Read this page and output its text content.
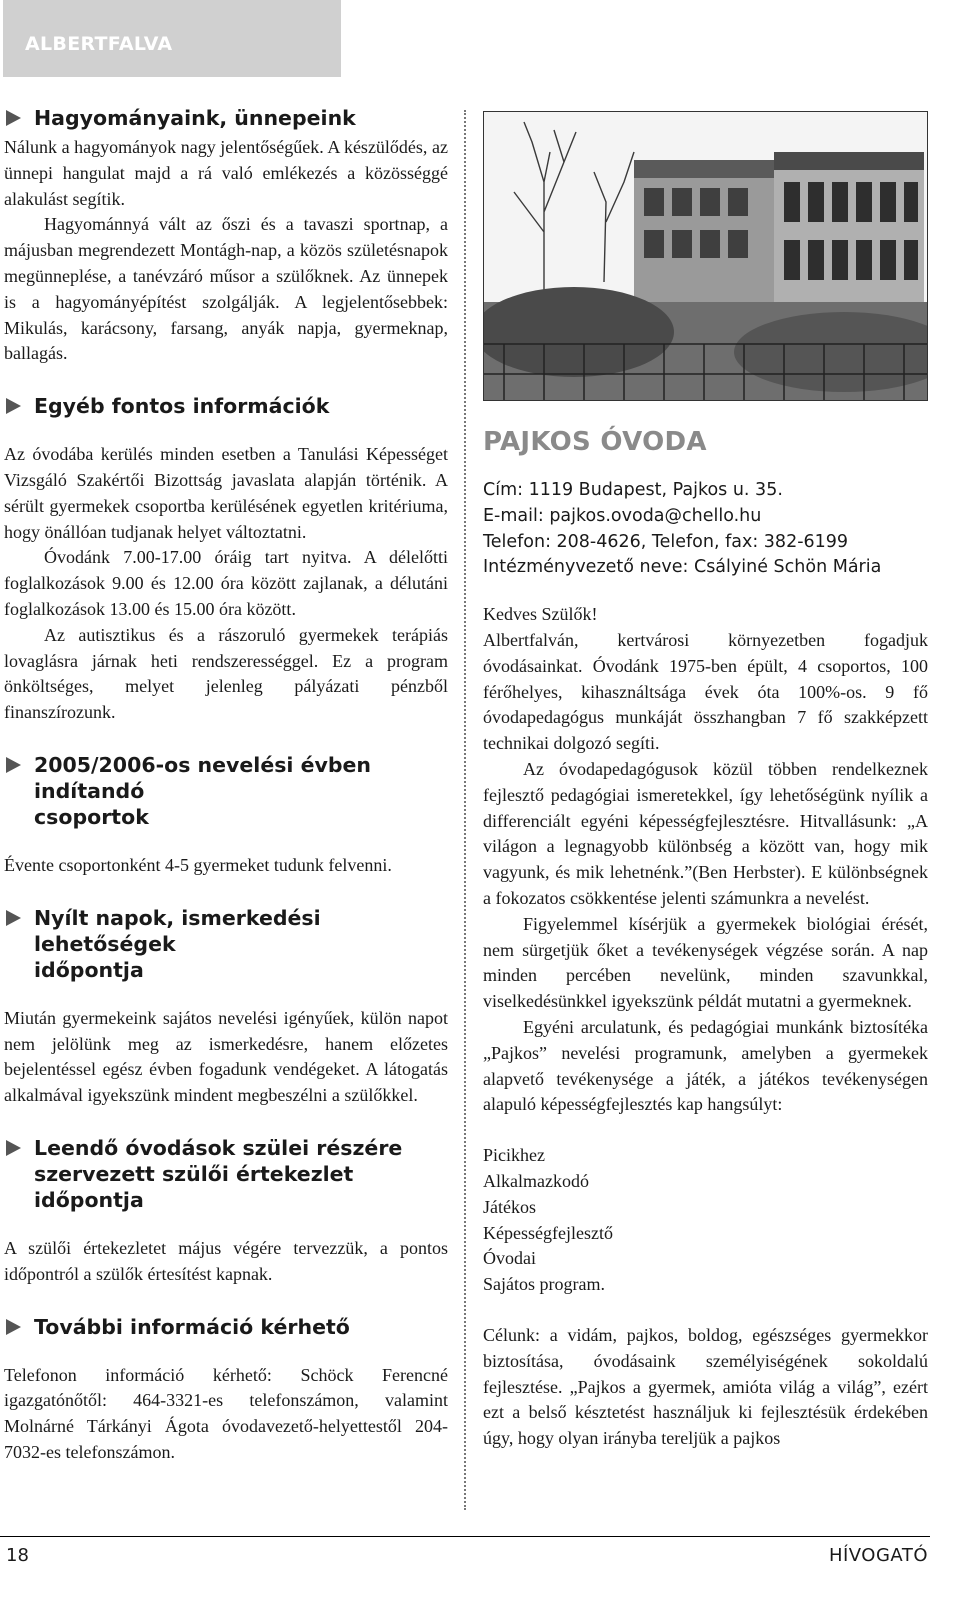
ALBERTFALVA
Hagyományaink, ünnepeink

Nálunk a hagyományok nagy jelentőségűek. A készülődés, az ünnepi hangulat majd a rá való emlékezés a közösséggé alakulást segítik.

Hagyománnyá vált az őszi és a tavaszi sportnap, a májusban megrendezett Montágh-nap, a közös születésnapok megünneplése, a tanévzáró műsor a szülőknek. Az ünnepek is a hagyományépítést szolgálják. A legjelentősebbek: Mikulás, karácsony, farsang, anyák napja, gyermeknap, ballagás.

Egyéb fontos információk

Az óvodába kerülés minden esetben a Tanulási Képességet Vizsgáló Szakértői Bizottság javaslata alapján történik. A sérült gyermekek csoportba kerülésének egyetlen kritériuma, hogy önállóan tudjanak helyet változtatni.

Óvodánk 7.00-17.00 óráig tart nyitva. A délelőtti foglalkozások 9.00 és 12.00 óra között zajlanak, a délutáni foglalkozások 13.00 és 15.00 óra között.

Az autisztikus és a rászoruló gyermekek terápiás lovaglásra járnak heti rendszerességgel. Ez a program önköltséges, melyet jelenleg pályázati pénzből finanszírozunk.

2005/2006-os nevelési évben indítandó
csoportok

Évente csoportonként 4-5 gyermeket tudunk felvenni.

Nyílt napok, ismerkedési lehetőségek
időpontja

Miután gyermekeink sajátos nevelési igényűek, külön napot nem jelölünk meg az ismerkedésre, hanem előzetes bejelentéssel egész évben fogadunk vendégeket. A látogatás alkalmával igyekszünk mindent megbeszélni a szülőkkel.

Leendő óvodások szülei részére
szervezett szülői értekezlet időpontja

A szülői értekezletet május végére tervezzük, a pontos időpontról a szülők értesítést kapnak.

További információ kérhető

Telefonon információ kérhető: Schöck Ferencné igazgatónőtől: 464-3321-es telefonszámon, valamint Molnárné Tárkányi Ágota óvodavezető-helyettestől 204-7032-es telefonszámon.

PAJKOS ÓVODA
Cím: 1119 Budapest, Pajkos u. 35.
E-mail: pajkos.ovoda@chello.hu
Telefon: 208-4626, Telefon, fax: 382-6199
Intézményvezető neve: Csályiné Schön Mária

Kedves Szülők!

Albertfalván, kertvárosi környezetben fogadjuk óvodásainkat. Óvodánk 1975-ben épült, 4 csoportos, 100 férőhelyes, kihasználtsága évek óta 100%-os. 9 fő óvodapedagógus munkáját összhangban 7 fő szakképzett technikai dolgozó segíti.

Az óvodapedagógusok közül többen rendelkeznek fejlesztő pedagógiai ismeretekkel, így lehetőségünk nyílik a differenciált egyéni képességfejlesztésre. Hitvallásunk: „A világon a legnagyobb különbség a között van, hogy mik vagyunk, és mik lehetnénk.”(Ben Herbster). E különbségnek a fokozatos csökkentése jelenti számunkra a nevelést.

Figyelemmel kísérjük a gyermekek biológiai érését, nem sürgetjük őket a tevékenységek végzése során. A nap minden percében nevelünk, minden szavunkkal, viselkedésünkkel igyekszünk példát mutatni a gyermeknek.

Egyéni arculatunk, és pedagógiai munkánk biztosítéka „Pajkos” nevelési programunk, amelyben a gyermekek alapvető tevékenysége a játék, a játékos tevékenységen alapuló képességfejlesztés kap hangsúlyt:

Picikhez
Alkalmazkodó
Játékos
Képességfejlesztő
Óvodai
Sajátos program.

Célunk: a vidám, pajkos, boldog, egészséges gyermekkor biztosítása, óvodásaink személyiségének sokoldalú fejlesztése. „Pajkos a gyermek, amióta világ a világ”, ezért ezt a belső késztetést használjuk ki fejlesztésük érdekében úgy, hogy olyan irányba tereljük a pajkos

18	HÍVOGATÓ
